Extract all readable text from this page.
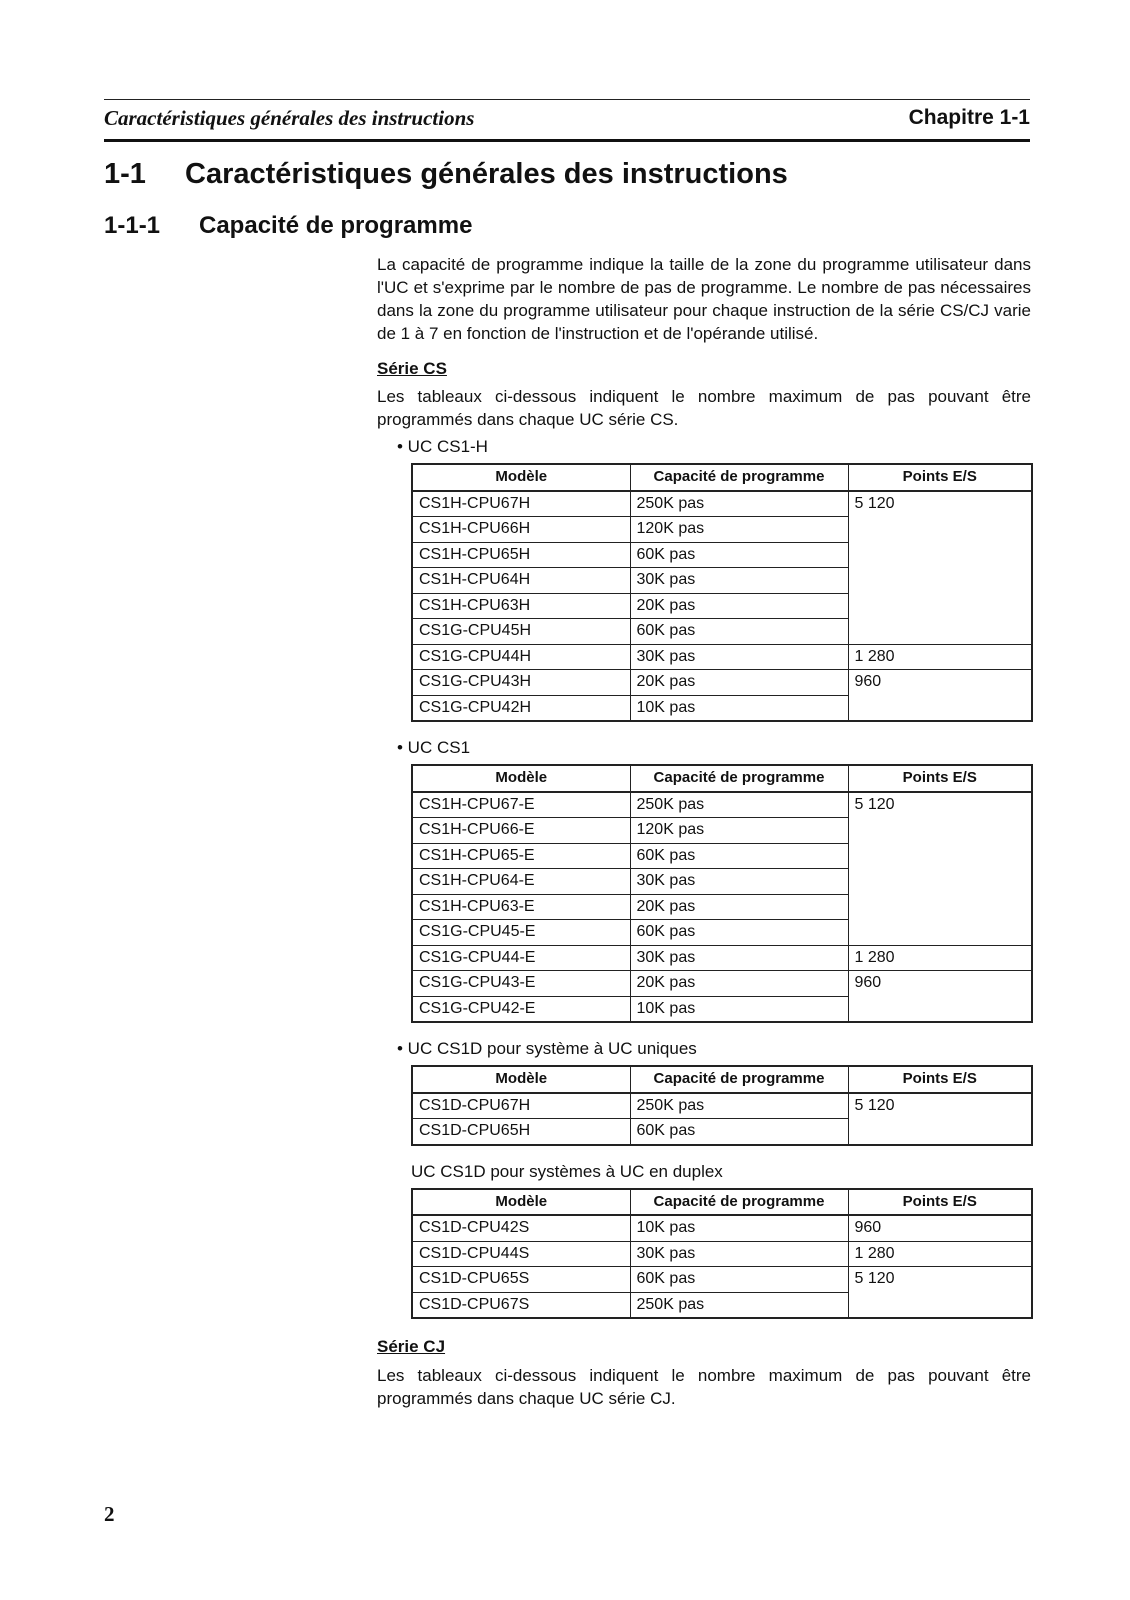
Caractéristiques générales des instructions	Chapitre 1-1
1-1 Caractéristiques générales des instructions
1-1-1 Capacité de programme

La capacité de programme indique la taille de la zone du programme utilisateur dans l'UC et s'exprime par le nombre de pas de programme. Le nombre de pas nécessaires dans la zone du programme utilisateur pour chaque instruction de la série CS/CJ varie de 1 à 7 en fonction de l'instruction et de l'opérande utilisé.

Série CS

Les tableaux ci-dessous indiquent le nombre maximum de pas pouvant être programmés dans chaque UC série CS.

• UC CS1-H

Modèle	Capacité de programme	Points E/S
CS1H-CPU67H	250K pas	5 120
CS1H-CPU66H	120K pas	
CS1H-CPU65H	60K pas	
CS1H-CPU64H	30K pas	
CS1H-CPU63H	20K pas	
CS1G-CPU45H	60K pas	
CS1G-CPU44H	30K pas	1 280
CS1G-CPU43H	20K pas	960
CS1G-CPU42H	10K pas	

• UC CS1

Modèle	Capacité de programme	Points E/S
CS1H-CPU67-E	250K pas	5 120
CS1H-CPU66-E	120K pas	
CS1H-CPU65-E	60K pas	
CS1H-CPU64-E	30K pas	
CS1H-CPU63-E	20K pas	
CS1G-CPU45-E	60K pas	
CS1G-CPU44-E	30K pas	1 280
CS1G-CPU43-E	20K pas	960
CS1G-CPU42-E	10K pas	

• UC CS1D pour système à UC uniques

Modèle	Capacité de programme	Points E/S
CS1D-CPU67H	250K pas	5 120
CS1D-CPU65H	60K pas	

UC CS1D pour systèmes à UC en duplex

Modèle	Capacité de programme	Points E/S
CS1D-CPU42S	10K pas	960
CS1D-CPU44S	30K pas	1 280
CS1D-CPU65S	60K pas	5 120
CS1D-CPU67S	250K pas	

Série CJ

Les tableaux ci-dessous indiquent le nombre maximum de pas pouvant être programmés dans chaque UC série CJ.

2
